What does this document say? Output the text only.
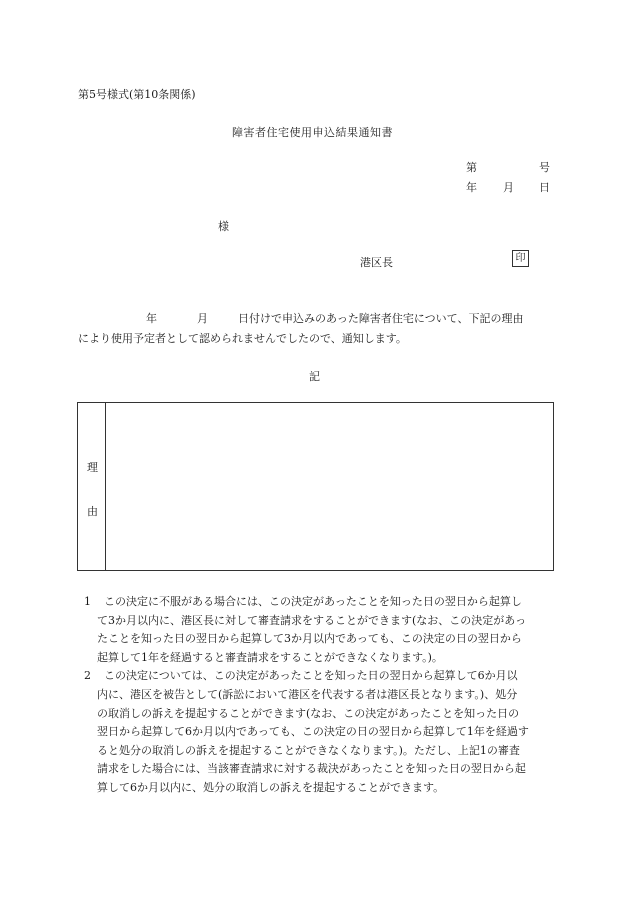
第5号様式(第10条関係)
障害者住宅使用申込結果通知書
第	号
年 月 日
様
港区長	印
年	月	日付けで申込みのあった障害者住宅について、下記の理由
により使用予定者として認められませんでしたので、通知します。
記
理
由
1 この決定に不服がある場合には、この決定があったことを知った日の翌日から起算し
て3か月以内に、港区長に対して審査請求をすることができます(なお、この決定があっ
たことを知った日の翌日から起算して3か月以内であっても、この決定の日の翌日から
起算して1年を経過すると審査請求をすることができなくなります。)。
2 この決定については、この決定があったことを知った日の翌日から起算して6か月以
内に、港区を被告として(訴訟において港区を代表する者は港区長となります。)、処分
の取消しの訴えを提起することができます(なお、この決定があったことを知った日の
翌日から起算して6か月以内であっても、この決定の日の翌日から起算して1年を経過す
ると処分の取消しの訴えを提起することができなくなります。)。ただし、上記1の審査
請求をした場合には、当該審査請求に対する裁決があったことを知った日の翌日から起
算して6か月以内に、処分の取消しの訴えを提起することができます。
